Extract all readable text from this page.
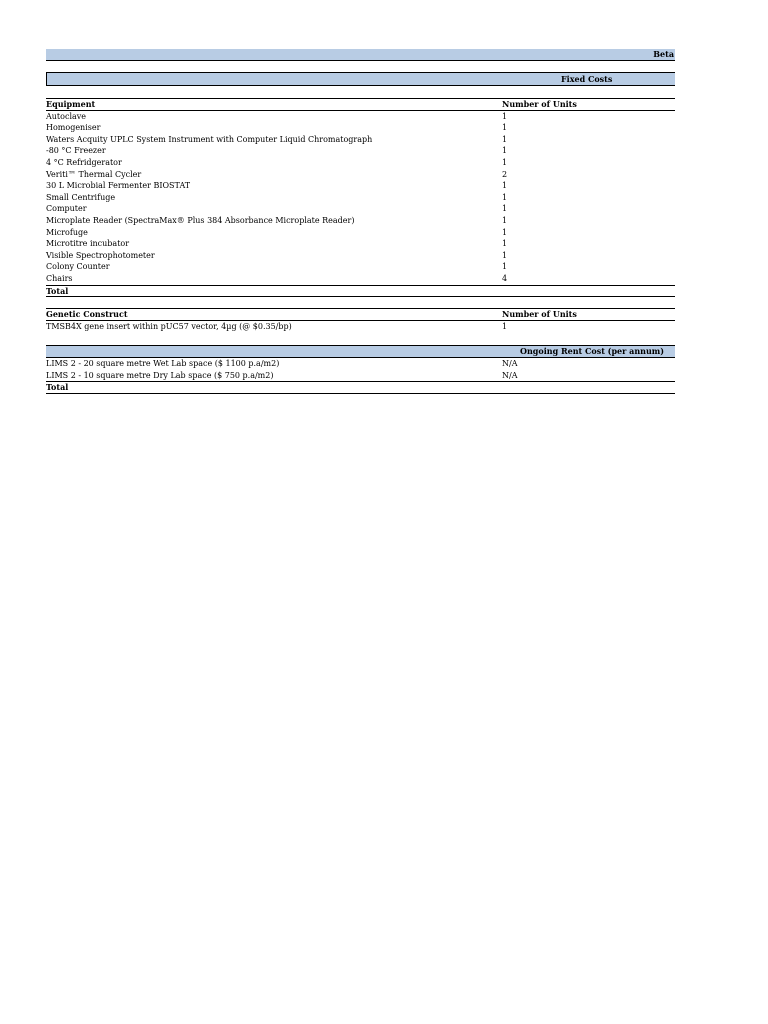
Beta
Fixed Costs
Equipment	Number of Units
Autoclave	1
Homogeniser	1
Waters Acquity UPLC System Instrument with Computer Liquid Chromatograph	1
-80 °C Freezer	1
4 °C Refridgerator	1
Veriti™ Thermal Cycler	2
30 L Microbial Fermenter BIOSTAT	1
Small Centrifuge	1
Computer	1
Microplate Reader (SpectraMax® Plus 384 Absorbance Microplate Reader)	1
Microfuge	1
Microtitre incubator	1
Visible Spectrophotometer	1
Colony Counter	1
Chairs	4
Total
Genetic Construct	Number of Units
TMSB4X gene insert within pUC57 vector, 4µg (@ $0.35/bp)	1
Ongoing Rent Cost (per annum)
LIMS 2 - 20 square metre Wet Lab space ($ 1100 p.a/m2)	N/A
LIMS 2 - 10 square metre Dry Lab space ($ 750 p.a/m2)	N/A
Total
